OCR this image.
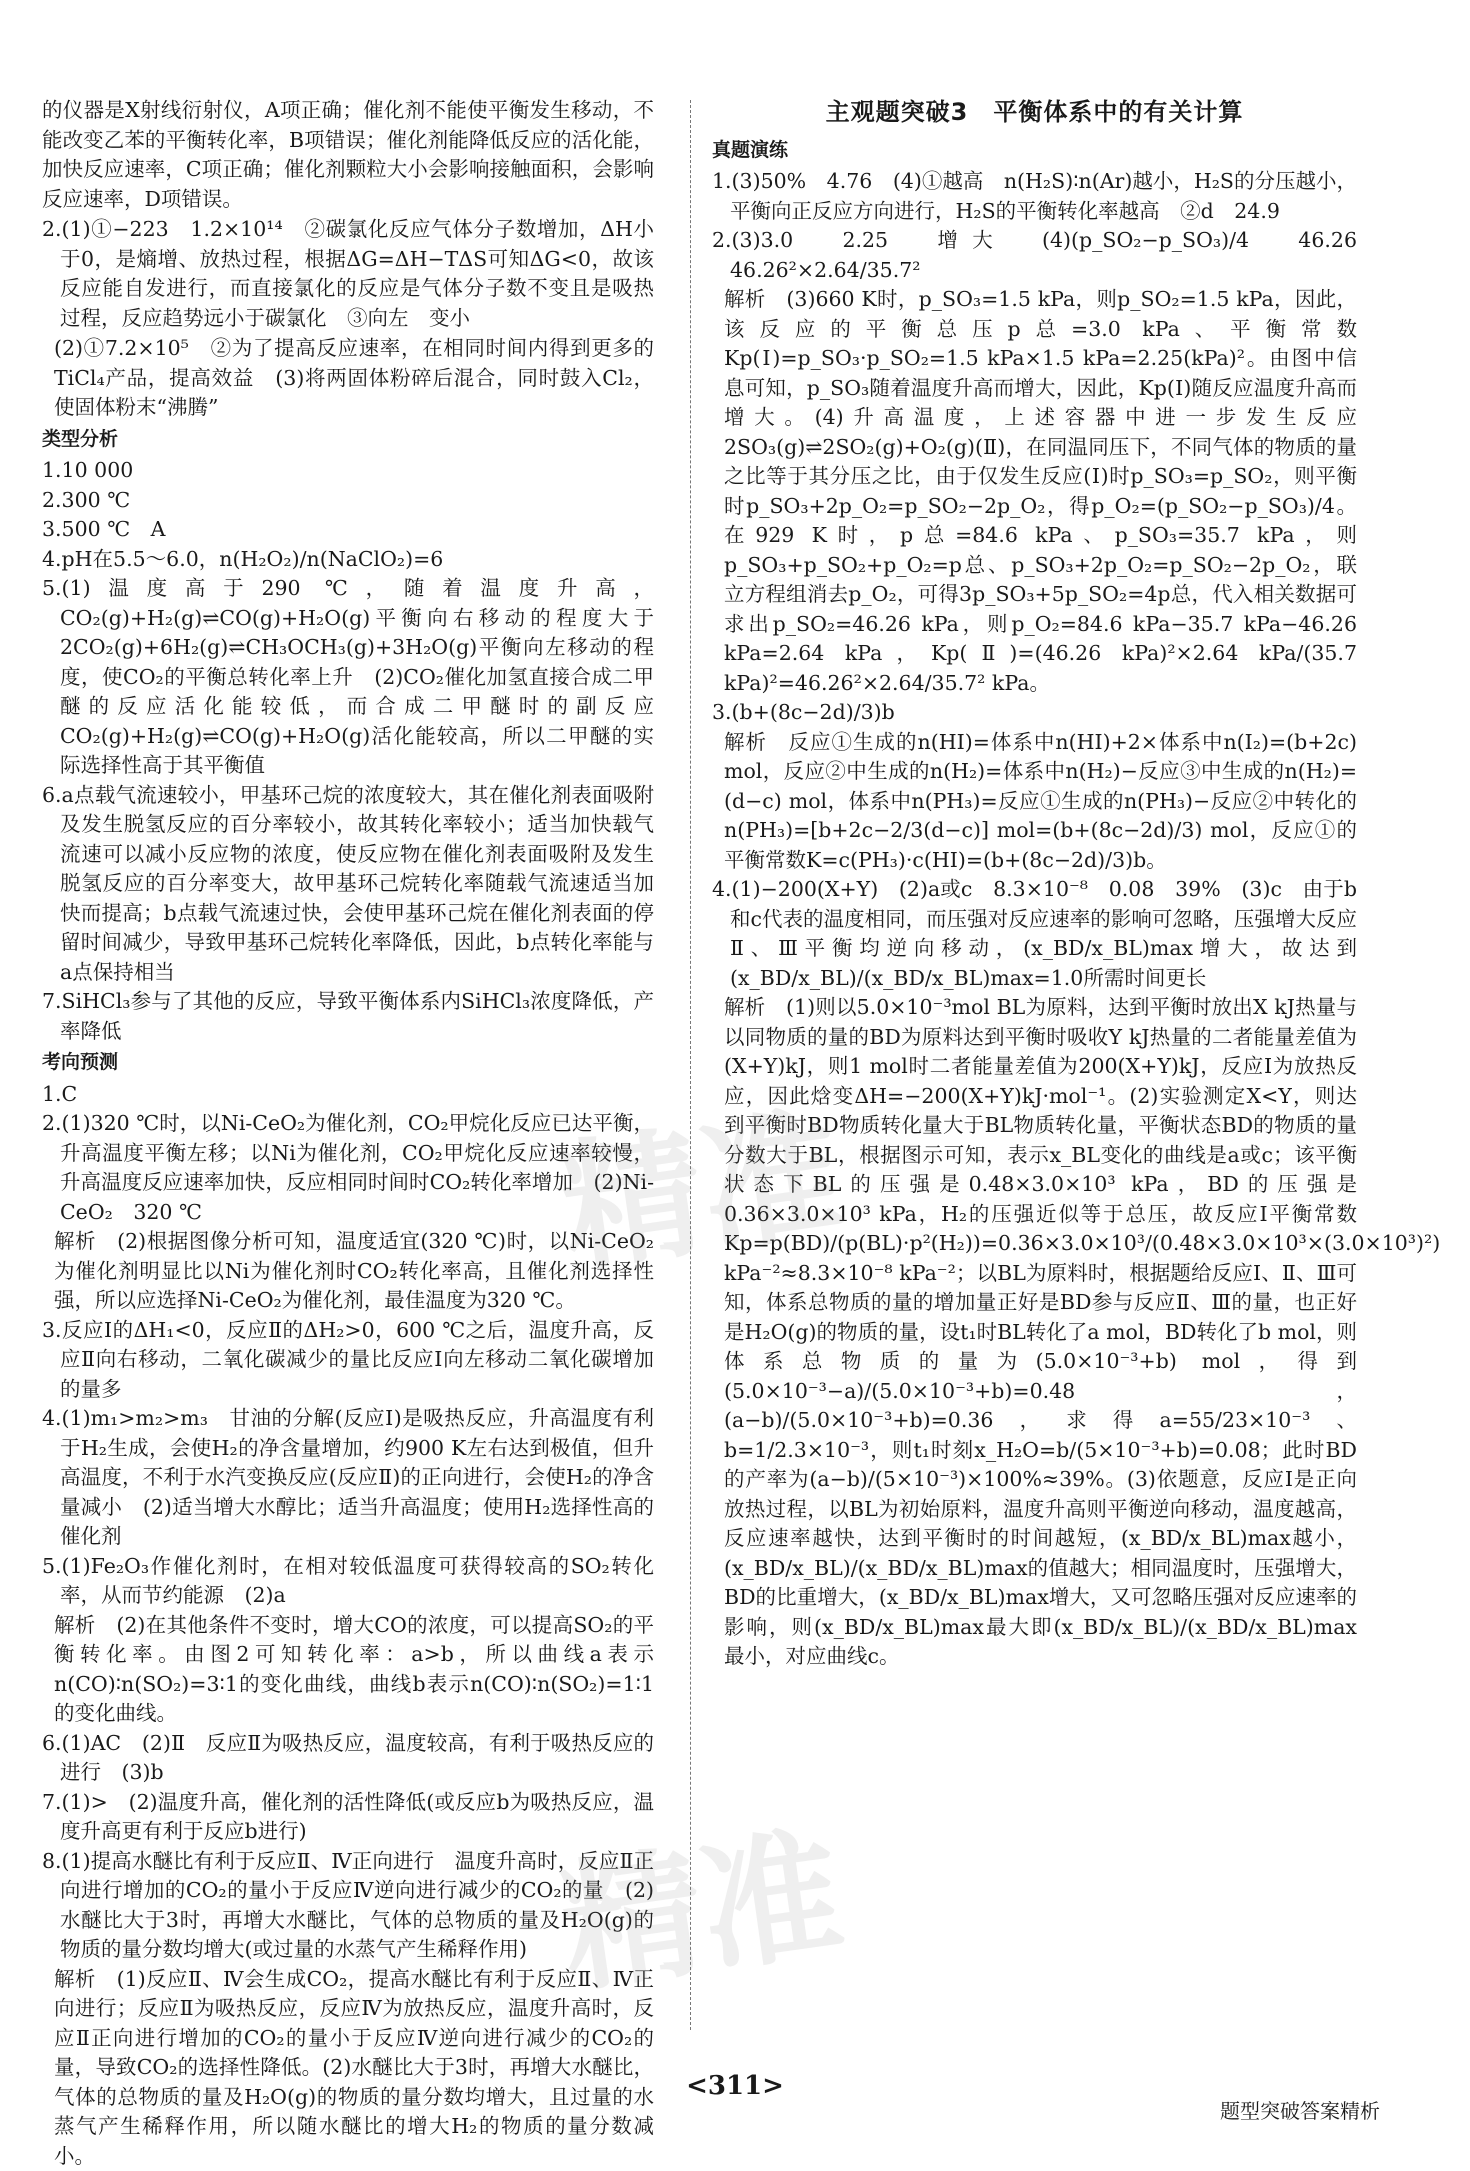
的仪器是X射线衍射仪，A项正确；催化剂不能使平衡发生移动，不能改变乙苯的平衡转化率，B项错误；催化剂能降低反应的活化能，加快反应速率，C项正确；催化剂颗粒大小会影响接触面积，会影响反应速率，D项错误。

2.(1)①−223　1.2×10¹⁴　②碳氯化反应气体分子数增加，ΔH小于0，是熵增、放热过程，根据ΔG=ΔH−TΔS可知ΔG<0，故该反应能自发进行，而直接氯化的反应是气体分子数不变且是吸热过程，反应趋势远小于碳氯化　③向左　变小

(2)①7.2×10⁵　②为了提高反应速率，在相同时间内得到更多的TiCl₄产品，提高效益　(3)将两固体粉碎后混合，同时鼓入Cl₂，使固体粉末“沸腾”

类型分析

1.10 000

2.300 ℃

3.500 ℃　A

4.pH在5.5～6.0，n(H₂O₂)/n(NaClO₂)=6

5.(1)温度高于290 ℃，随着温度升高，CO₂(g)+H₂(g)⇌CO(g)+H₂O(g)平衡向右移动的程度大于2CO₂(g)+6H₂(g)⇌CH₃OCH₃(g)+3H₂O(g)平衡向左移动的程度，使CO₂的平衡总转化率上升　(2)CO₂催化加氢直接合成二甲醚的反应活化能较低，而合成二甲醚时的副反应CO₂(g)+H₂(g)⇌CO(g)+H₂O(g)活化能较高，所以二甲醚的实际选择性高于其平衡值

6.a点载气流速较小，甲基环己烷的浓度较大，其在催化剂表面吸附及发生脱氢反应的百分率较小，故其转化率较小；适当加快载气流速可以减小反应物的浓度，使反应物在催化剂表面吸附及发生脱氢反应的百分率变大，故甲基环己烷转化率随载气流速适当加快而提高；b点载气流速过快，会使甲基环己烷在催化剂表面的停留时间减少，导致甲基环己烷转化率降低，因此，b点转化率能与a点保持相当

7.SiHCl₃参与了其他的反应，导致平衡体系内SiHCl₃浓度降低，产率降低

考向预测

1.C

2.(1)320 ℃时，以Ni-CeO₂为催化剂，CO₂甲烷化反应已达平衡，升高温度平衡左移；以Ni为催化剂，CO₂甲烷化反应速率较慢，升高温度反应速率加快，反应相同时间时CO₂转化率增加　(2)Ni-CeO₂　320 ℃

解析　(2)根据图像分析可知，温度适宜(320 ℃)时，以Ni-CeO₂为催化剂明显比以Ni为催化剂时CO₂转化率高，且催化剂选择性强，所以应选择Ni-CeO₂为催化剂，最佳温度为320 ℃。

3.反应Ⅰ的ΔH₁<0，反应Ⅱ的ΔH₂>0，600 ℃之后，温度升高，反应Ⅱ向右移动，二氧化碳减少的量比反应Ⅰ向左移动二氧化碳增加的量多

4.(1)m₁>m₂>m₃　甘油的分解(反应Ⅰ)是吸热反应，升高温度有利于H₂生成，会使H₂的净含量增加，约900 K左右达到极值，但升高温度，不利于水汽变换反应(反应Ⅱ)的正向进行，会使H₂的净含量减小　(2)适当增大水醇比；适当升高温度；使用H₂选择性高的催化剂

5.(1)Fe₂O₃作催化剂时，在相对较低温度可获得较高的SO₂转化率，从而节约能源　(2)a

解析　(2)在其他条件不变时，增大CO的浓度，可以提高SO₂的平衡转化率。由图2可知转化率：a>b，所以曲线a表示n(CO)∶n(SO₂)=3∶1的变化曲线，曲线b表示n(CO)∶n(SO₂)=1∶1的变化曲线。

6.(1)AC　(2)Ⅱ　反应Ⅱ为吸热反应，温度较高，有利于吸热反应的进行　(3)b

7.(1)>　(2)温度升高，催化剂的活性降低(或反应b为吸热反应，温度升高更有利于反应b进行)

8.(1)提高水醚比有利于反应Ⅱ、Ⅳ正向进行　温度升高时，反应Ⅱ正向进行增加的CO₂的量小于反应Ⅳ逆向进行减少的CO₂的量　(2)水醚比大于3时，再增大水醚比，气体的总物质的量及H₂O(g)的物质的量分数均增大(或过量的水蒸气产生稀释作用)

解析　(1)反应Ⅱ、Ⅳ会生成CO₂，提高水醚比有利于反应Ⅱ、Ⅳ正向进行；反应Ⅱ为吸热反应，反应Ⅳ为放热反应，温度升高时，反应Ⅱ正向进行增加的CO₂的量小于反应Ⅳ逆向进行减少的CO₂的量，导致CO₂的选择性降低。(2)水醚比大于3时，再增大水醚比，气体的总物质的量及H₂O(g)的物质的量分数均增大，且过量的水蒸气产生稀释作用，所以随水醚比的增大H₂的物质的量分数减小。

主观题突破3　平衡体系中的有关计算
真题演练

1.(3)50%　4.76　(4)①越高　n(H₂S)∶n(Ar)越小，H₂S的分压越小，平衡向正反应方向进行，H₂S的平衡转化率越高　②d　24.9

2.(3)3.0　2.25　增大　(4)(p_SO₂−p_SO₃)/4　46.26　46.26²×2.64/35.7²

解析　(3)660 K时，p_SO₃=1.5 kPa，则p_SO₂=1.5 kPa，因此，该反应的平衡总压p总=3.0 kPa、平衡常数Kp(Ⅰ)=p_SO₃·p_SO₂=1.5 kPa×1.5 kPa=2.25(kPa)²。由图中信息可知，p_SO₃随着温度升高而增大，因此，Kp(Ⅰ)随反应温度升高而增大。(4)升高温度，上述容器中进一步发生反应2SO₃(g)⇌2SO₂(g)+O₂(g)(Ⅱ)，在同温同压下，不同气体的物质的量之比等于其分压之比，由于仅发生反应(Ⅰ)时p_SO₃=p_SO₂，则平衡时p_SO₃+2p_O₂=p_SO₂−2p_O₂，得p_O₂=(p_SO₂−p_SO₃)/4。在929 K时，p总=84.6 kPa、p_SO₃=35.7 kPa，则p_SO₃+p_SO₂+p_O₂=p总、p_SO₃+2p_O₂=p_SO₂−2p_O₂，联立方程组消去p_O₂，可得3p_SO₃+5p_SO₂=4p总，代入相关数据可求出p_SO₂=46.26 kPa，则p_O₂=84.6 kPa−35.7 kPa−46.26 kPa=2.64 kPa，Kp(Ⅱ)=(46.26 kPa)²×2.64 kPa/(35.7 kPa)²=46.26²×2.64/35.7² kPa。

3.(b+(8c−2d)/3)b

解析　反应①生成的n(HI)=体系中n(HI)+2×体系中n(I₂)=(b+2c) mol，反应②中生成的n(H₂)=体系中n(H₂)−反应③中生成的n(H₂)=(d−c) mol，体系中n(PH₃)=反应①生成的n(PH₃)−反应②中转化的n(PH₃)=[b+2c−2/3(d−c)] mol=(b+(8c−2d)/3) mol，反应①的平衡常数K=c(PH₃)·c(HI)=(b+(8c−2d)/3)b。

4.(1)−200(X+Y)　(2)a或c　8.3×10⁻⁸　0.08　39%　(3)c　由于b和c代表的温度相同，而压强对反应速率的影响可忽略，压强增大反应Ⅱ、Ⅲ平衡均逆向移动，(x_BD/x_BL)max增大，故达到(x_BD/x_BL)/(x_BD/x_BL)max=1.0所需时间更长

解析　(1)则以5.0×10⁻³mol BL为原料，达到平衡时放出X kJ热量与以同物质的量的BD为原料达到平衡时吸收Y kJ热量的二者能量差值为(X+Y)kJ，则1 mol时二者能量差值为200(X+Y)kJ，反应Ⅰ为放热反应，因此焓变ΔH=−200(X+Y)kJ·mol⁻¹。(2)实验测定X<Y，则达到平衡时BD物质转化量大于BL物质转化量，平衡状态BD的物质的量分数大于BL，根据图示可知，表示x_BL变化的曲线是a或c；该平衡状态下BL的压强是0.48×3.0×10³ kPa，BD的压强是0.36×3.0×10³ kPa，H₂的压强近似等于总压，故反应Ⅰ平衡常数Kp=p(BD)/(p(BL)·p²(H₂))=0.36×3.0×10³/(0.48×3.0×10³×(3.0×10³)²) kPa⁻²≈8.3×10⁻⁸ kPa⁻²；以BL为原料时，根据题给反应Ⅰ、Ⅱ、Ⅲ可知，体系总物质的量的增加量正好是BD参与反应Ⅱ、Ⅲ的量，也正好是H₂O(g)的物质的量，设t₁时BL转化了a mol，BD转化了b mol，则体系总物质的量为(5.0×10⁻³+b) mol，得到(5.0×10⁻³−a)/(5.0×10⁻³+b)=0.48，(a−b)/(5.0×10⁻³+b)=0.36，求得a=55/23×10⁻³、b=1/2.3×10⁻³，则t₁时刻x_H₂O=b/(5×10⁻³+b)=0.08；此时BD的产率为(a−b)/(5×10⁻³)×100%≈39%。(3)依题意，反应Ⅰ是正向放热过程，以BL为初始原料，温度升高则平衡逆向移动，温度越高，反应速率越快，达到平衡时的时间越短，(x_BD/x_BL)max越小，(x_BD/x_BL)/(x_BD/x_BL)max的值越大；相同温度时，压强增大，BD的比重增大，(x_BD/x_BL)max增大，又可忽略压强对反应速率的影响，则(x_BD/x_BL)max最大即(x_BD/x_BL)/(x_BD/x_BL)max最小，对应曲线c。

精准
精准
<311>
题型突破答案精析
